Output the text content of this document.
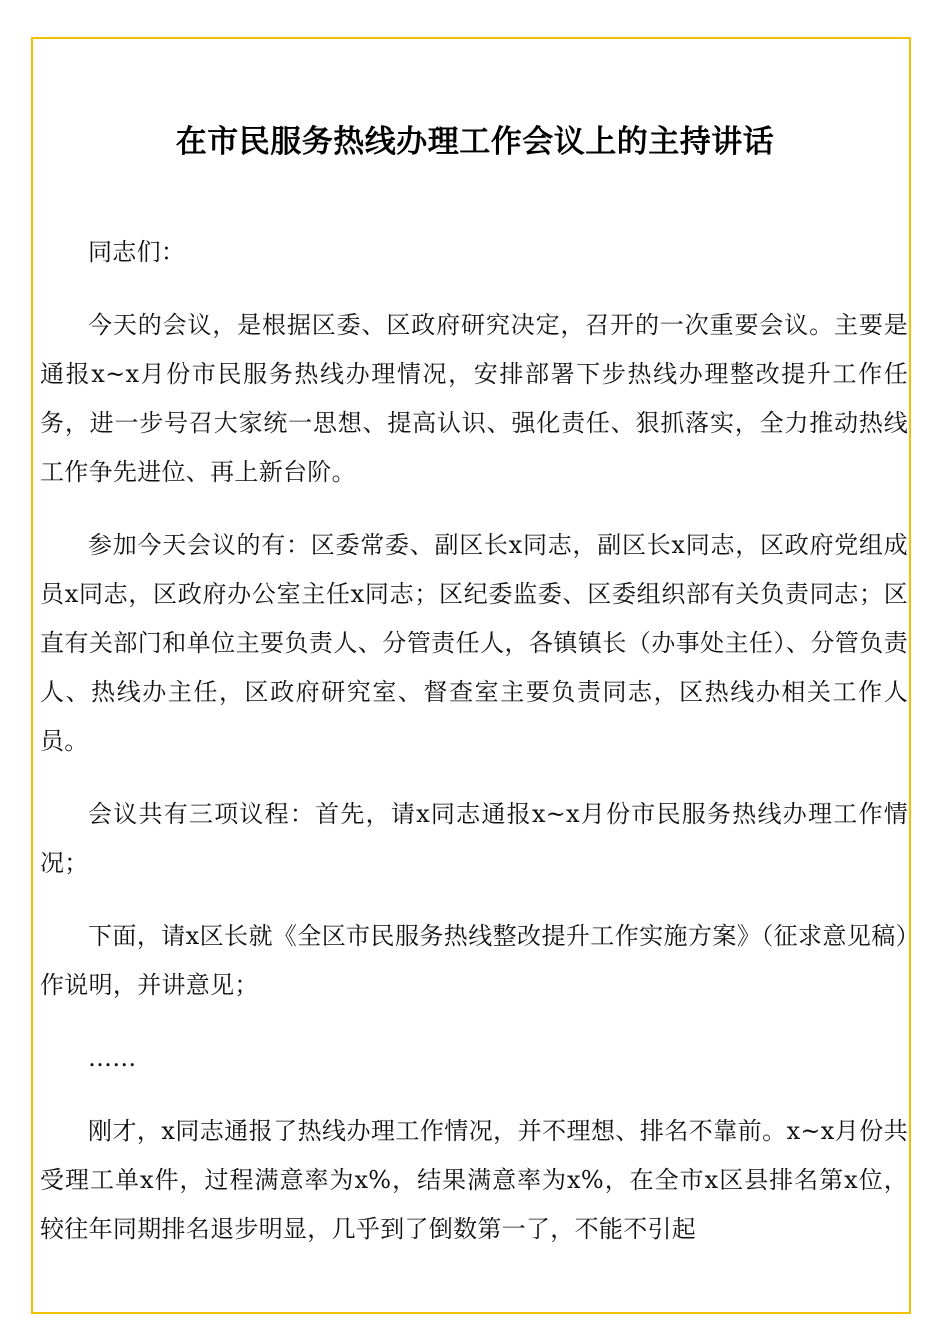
在市民服务热线办理工作会议上的主持讲话

同志们：

今天的会议，是根据区委、区政府研究决定，召开的一次重要会议。主要是通报x~x月份市民服务热线办理情况，安排部署下步热线办理整改提升工作任务，进一步号召大家统一思想、提高认识、强化责任、狠抓落实，全力推动热线工作争先进位、再上新台阶。

参加今天会议的有：区委常委、副区长x同志，副区长x同志，区政府党组成员x同志，区政府办公室主任x同志；区纪委监委、区委组织部有关负责同志；区直有关部门和单位主要负责人、分管责任人，各镇镇长（办事处主任）、分管负责人、热线办主任，区政府研究室、督查室主要负责同志，区热线办相关工作人员。

会议共有三项议程：首先，请x同志通报x~x月份市民服务热线办理工作情况；

下面，请x区长就《全区市民服务热线整改提升工作实施方案》（征求意见稿）作说明，并讲意见；

……

刚才，x同志通报了热线办理工作情况，并不理想、排名不靠前。x~x月份共受理工单x件，过程满意率为x%，结果满意率为x%，在全市x区县排名第x位，较往年同期排名退步明显，几乎到了倒数第一了，不能不引起
